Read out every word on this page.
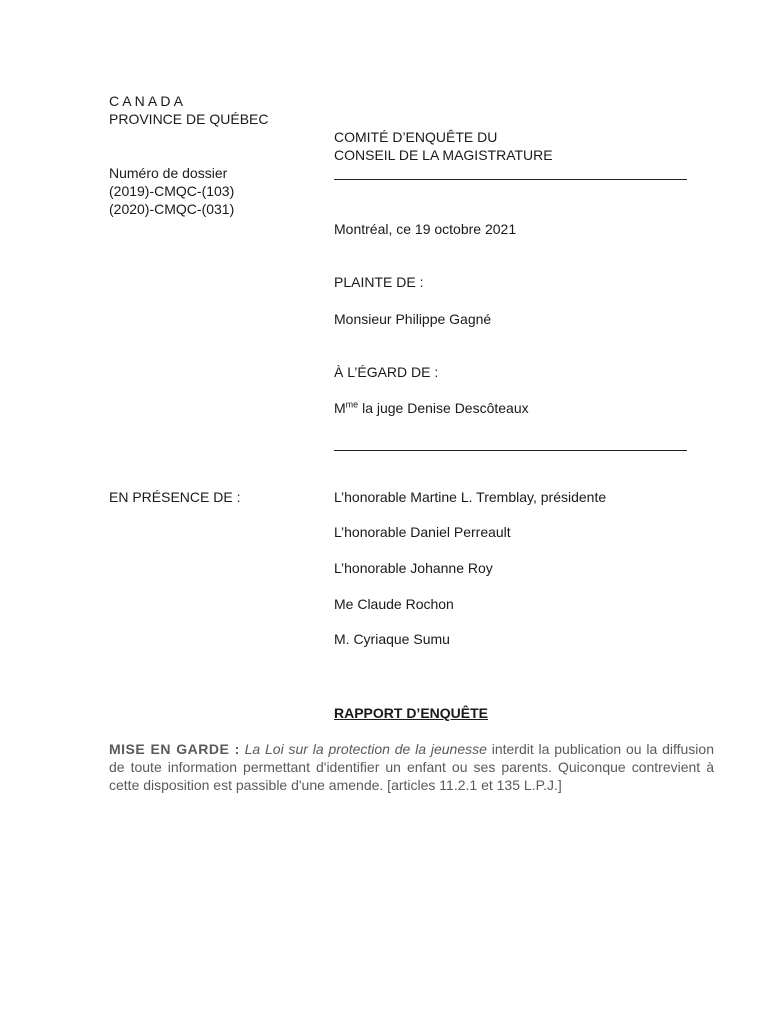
C A N A D A
PROVINCE DE QUÉBEC
Numéro de dossier
(2019)-CMQC-(103)
(2020)-CMQC-(031)
COMITÉ D’ENQUÊTE DU
CONSEIL DE LA MAGISTRATURE
Montréal, ce 19 octobre 2021
PLAINTE DE :
Monsieur Philippe Gagné
À L’ÉGARD DE :
$M^{me}$ la juge Denise Descôteaux
EN PRÉSENCE DE :	L’honorable Martine L. Tremblay, présidente
L’honorable Daniel Perreault
L’honorable Johanne Roy
Me Claude Rochon
M. Cyriaque Sumu
RAPPORT D’ENQUÊTE
MISE EN GARDE : La Loi sur la protection de la jeunesse interdit la publication ou la diffusion de toute information permettant d'identifier un enfant ou ses parents. Quiconque contrevient à cette disposition est passible d'une amende. [articles 11.2.1 et 135 L.P.J.]
